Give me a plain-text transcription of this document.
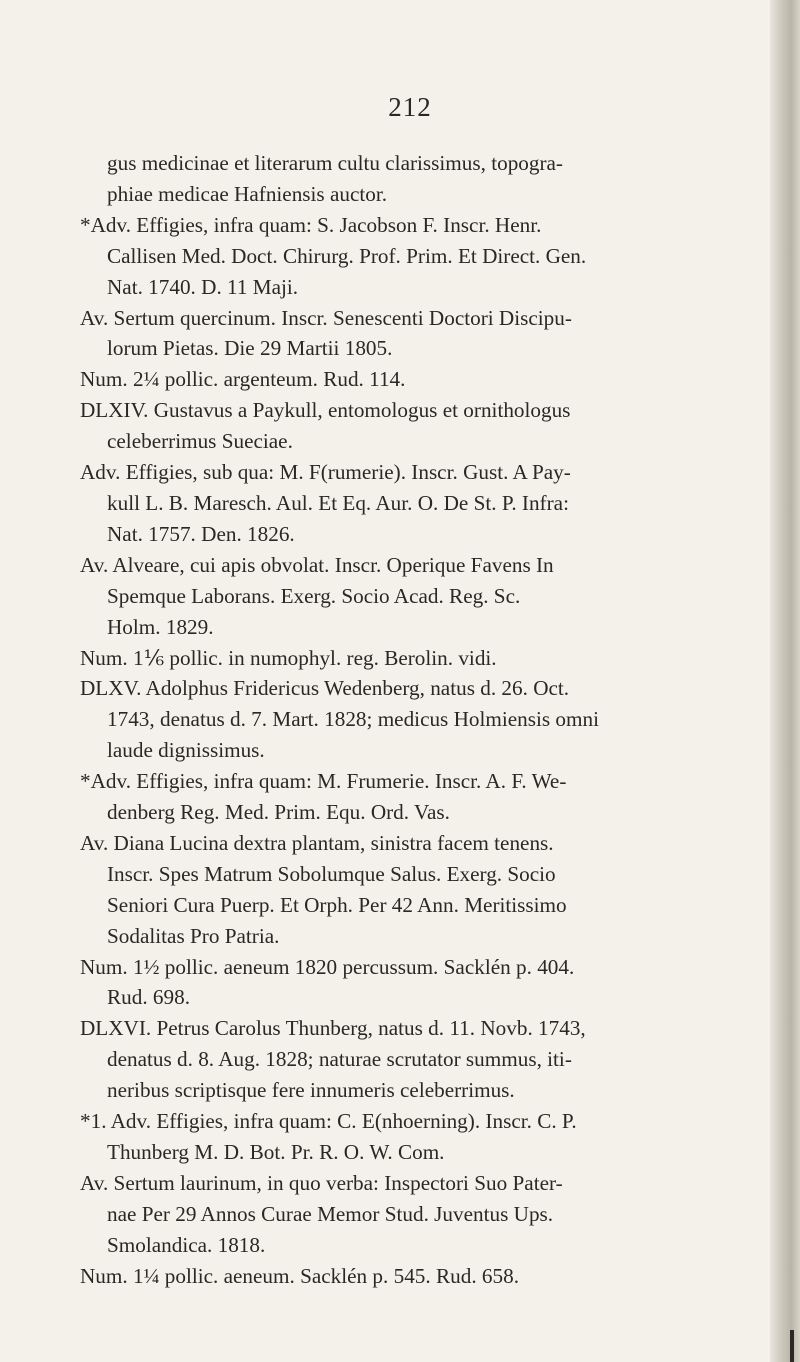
212
gus medicinae et literarum cultu clarissimus, topogra-
phiae medicae Hafniensis auctor.
*Adv. Effigies, infra quam: S. Jacobson F. Inscr. Henr.
Callisen Med. Doct. Chirurg. Prof. Prim. Et Direct. Gen.
Nat. 1740. D. 11 Maji.
Av. Sertum quercinum. Inscr. Senescenti Doctori Discipu-
lorum Pietas. Die 29 Martii 1805.
Num. 2¼ pollic. argenteum. Rud. 114.
DLXIV. Gustavus a Paykull, entomologus et ornithologus
celeberrimus Sueciae.
Adv. Effigies, sub qua: M. F(rumerie). Inscr. Gust. A Pay-
kull L. B. Maresch. Aul. Et Eq. Aur. O. De St. P. Infra:
Nat. 1757. Den. 1826.
Av. Alveare, cui apis obvolat. Inscr. Operique Favens In
Spemque Laborans. Exerg. Socio Acad. Reg. Sc.
Holm. 1829.
Num. 1⅙ pollic. in numophyl. reg. Berolin. vidi.
DLXV. Adolphus Fridericus Wedenberg, natus d. 26. Oct.
1743, denatus d. 7. Mart. 1828; medicus Holmiensis omni
laude dignissimus.
*Adv. Effigies, infra quam: M. Frumerie. Inscr. A. F. We-
denberg Reg. Med. Prim. Equ. Ord. Vas.
Av. Diana Lucina dextra plantam, sinistra facem tenens.
Inscr. Spes Matrum Sobolumque Salus. Exerg. Socio
Seniori Cura Puerp. Et Orph. Per 42 Ann. Meritissimo
Sodalitas Pro Patria.
Num. 1½ pollic. aeneum 1820 percussum. Sacklén p. 404.
Rud. 698.
DLXVI. Petrus Carolus Thunberg, natus d. 11. Novb. 1743,
denatus d. 8. Aug. 1828; naturae scrutator summus, iti-
neribus scriptisque fere innumeris celeberrimus.
*1. Adv. Effigies, infra quam: C. E(nhoerning). Inscr. C. P.
Thunberg M. D. Bot. Pr. R. O. W. Com.
Av. Sertum laurinum, in quo verba: Inspectori Suo Pater-
nae Per 29 Annos Curae Memor Stud. Juventus Ups.
Smolandica. 1818.
Num. 1¼ pollic. aeneum. Sacklén p. 545. Rud. 658.
